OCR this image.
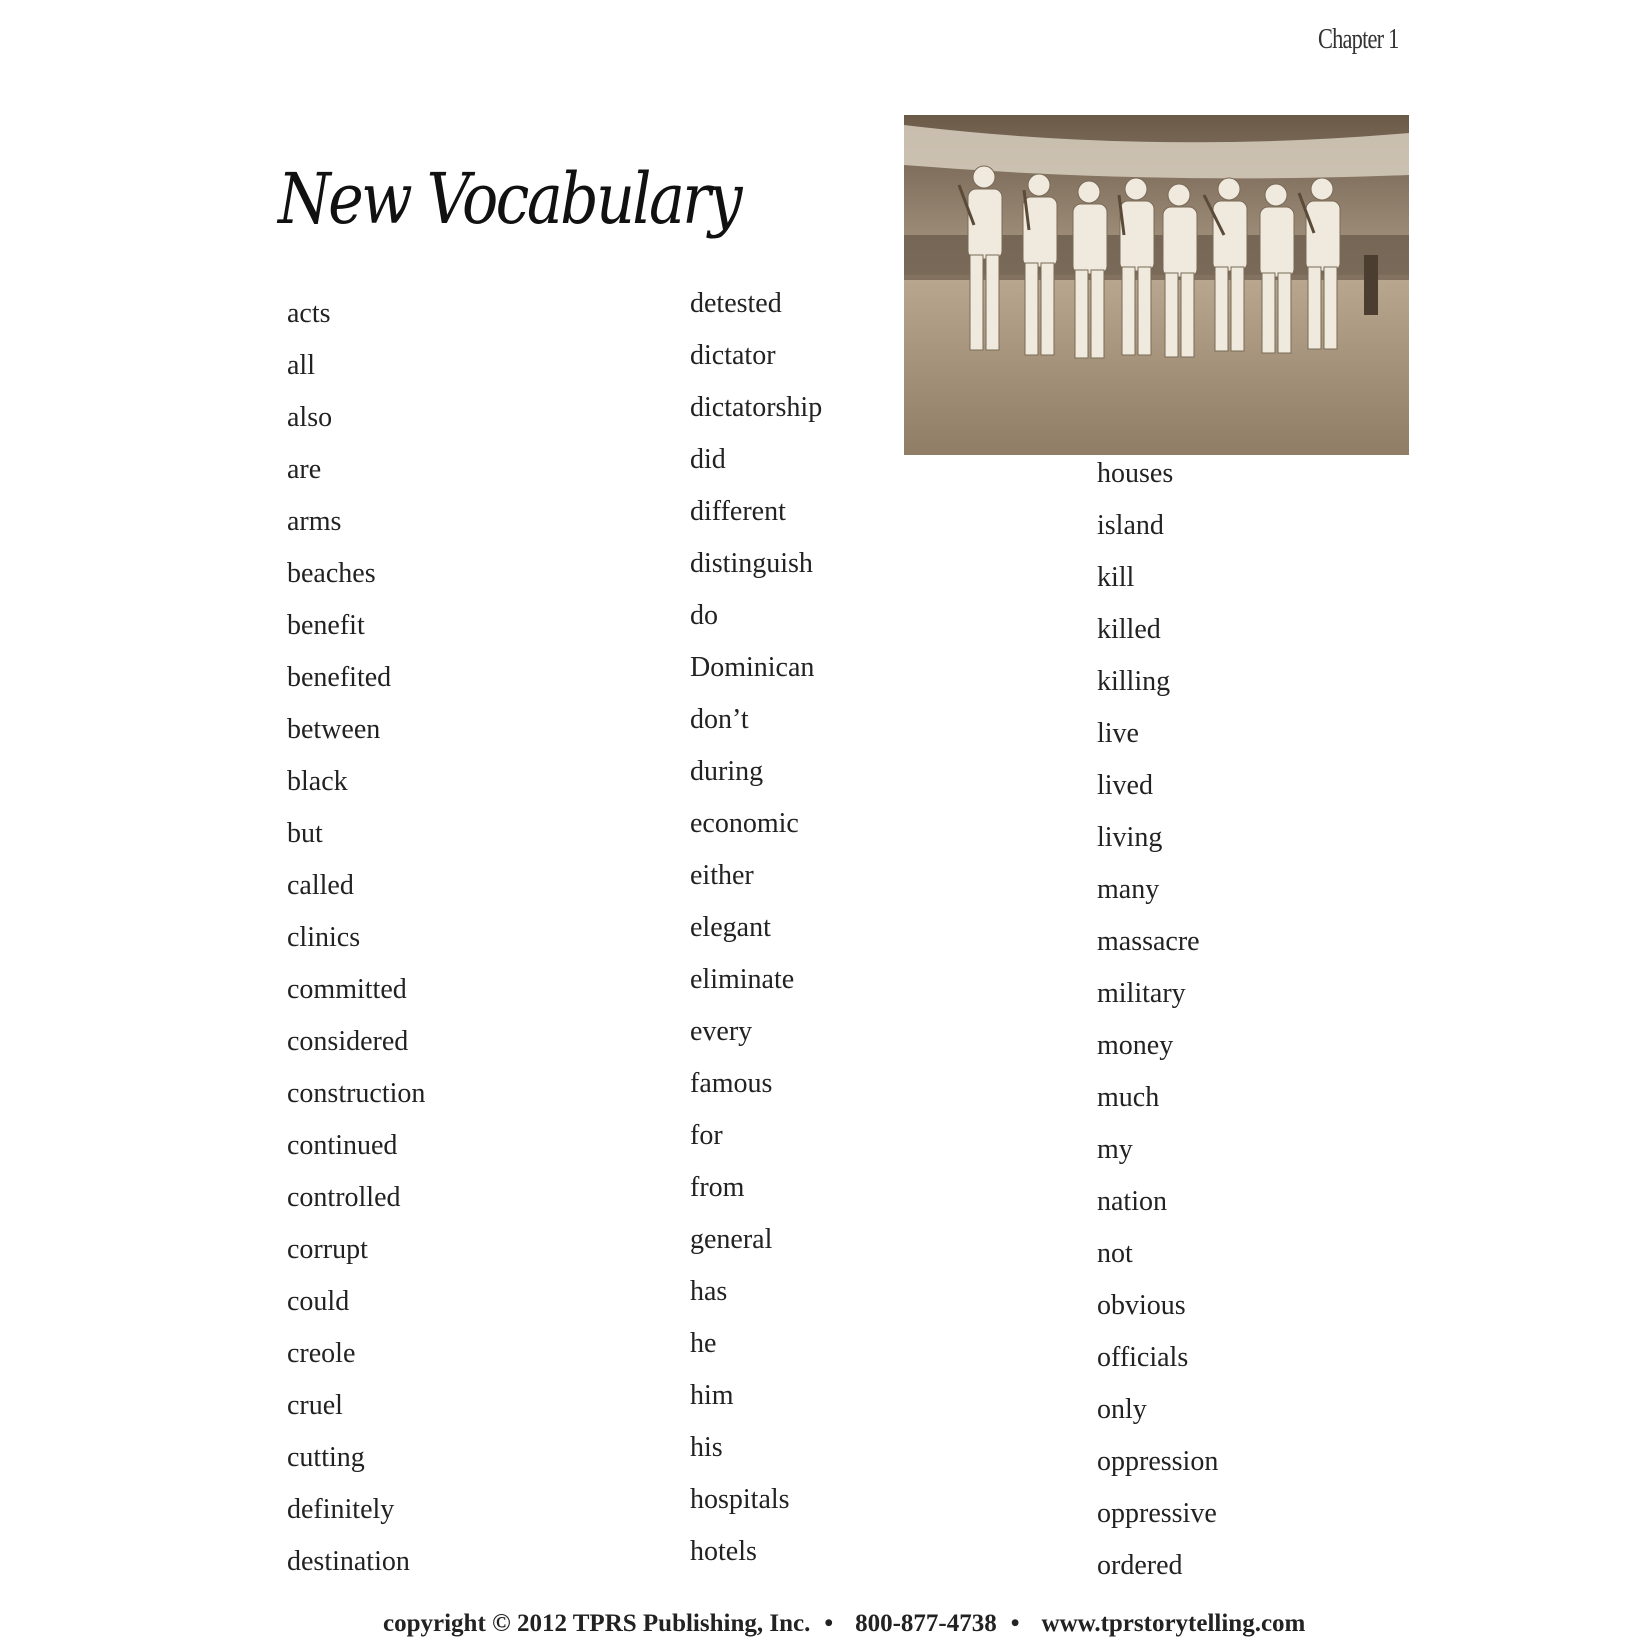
Chapter 1
New Vocabulary
acts
all
also
are
arms
beaches
benefit
benefited
between
black
but
called
clinics
committed
considered
construction
continued
controlled
corrupt
could
creole
cruel
cutting
definitely
destination
detested
dictator
dictatorship
did
different
distinguish
do
Dominican
don’t
during
economic
either
elegant
eliminate
every
famous
for
from
general
has
he
him
his
hospitals
hotels
houses
island
kill
killed
killing
live
lived
living
many
massacre
military
money
much
my
nation
not
obvious
officials
only
oppression
oppressive
ordered
copyright © 2012 TPRS Publishing, Inc. • 800-877-4738 • www.tprstorytelling.com
